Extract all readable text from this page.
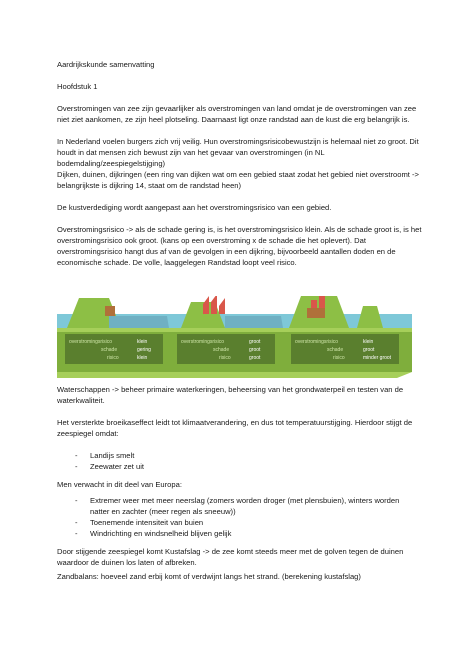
Aardrijkskunde samenvatting

Hoofdstuk 1

Overstromingen van zee zijn gevaarlijker als overstromingen van land omdat je de overstromingen van zee niet ziet aankomen, ze zijn heel plotseling. Daarnaast ligt onze randstad aan de kust die erg belangrijk is.

In Nederland voelen burgers zich vrij veilig. Hun overstromingsrisicobewustzijn is helemaal niet zo groot. Dit houdt in dat mensen zich bewust zijn van het gevaar van overstromingen (in NL bodemdaling/zeespiegelstijging)

Dijken, duinen, dijkringen (een ring van dijken wat om een gebied staat zodat het gebied niet overstroomt -> belangrijkste is dijkring 14, staat om de randstad heen)

De kustverdediging wordt aangepast aan het overstromingsrisico van een gebied.

Overstromingsrisico -> als de schade gering is, is het overstromingsrisico klein. Als de schade groot is, is het overstromingsrisico ook groot. (kans op een overstroming x de schade die het oplevert). Dat overstromingsrisico hangt dus af van de gevolgen in een dijkring, bijvoorbeeld aantallen doden en de economische schade. De volle, laaggelegen Randstad loopt veel risico.

overstromingsrisico	klein
schade	gering
risico	klein
overstromingsrisico	groot
schade	groot
risico	groot
overstromingsrisico	klein
schade	groot
risico	minder groot

Waterschappen -> beheer primaire waterkeringen, beheersing van het grondwaterpeil en testen van de waterkwaliteit.

Het versterkte broeikaseffect leidt tot klimaatverandering, en dus tot temperatuurstijging. Hierdoor stijgt de zeespiegel omdat:

- Landijs smelt

- Zeewater zet uit

Men verwacht in dit deel van Europa:

- Extremer weer met meer neerslag (zomers worden droger (met plensbuien), winters worden natter en zachter (meer regen als sneeuw))

- Toenemende intensiteit van buien

- Windrichting en windsnelheid blijven gelijk

Door stijgende zeespiegel komt Kustafslag -> de zee komt steeds meer met de golven tegen de duinen waardoor de duinen los laten of afbreken.

Zandbalans: hoeveel zand erbij komt of verdwijnt langs het strand. (berekening kustafslag)
